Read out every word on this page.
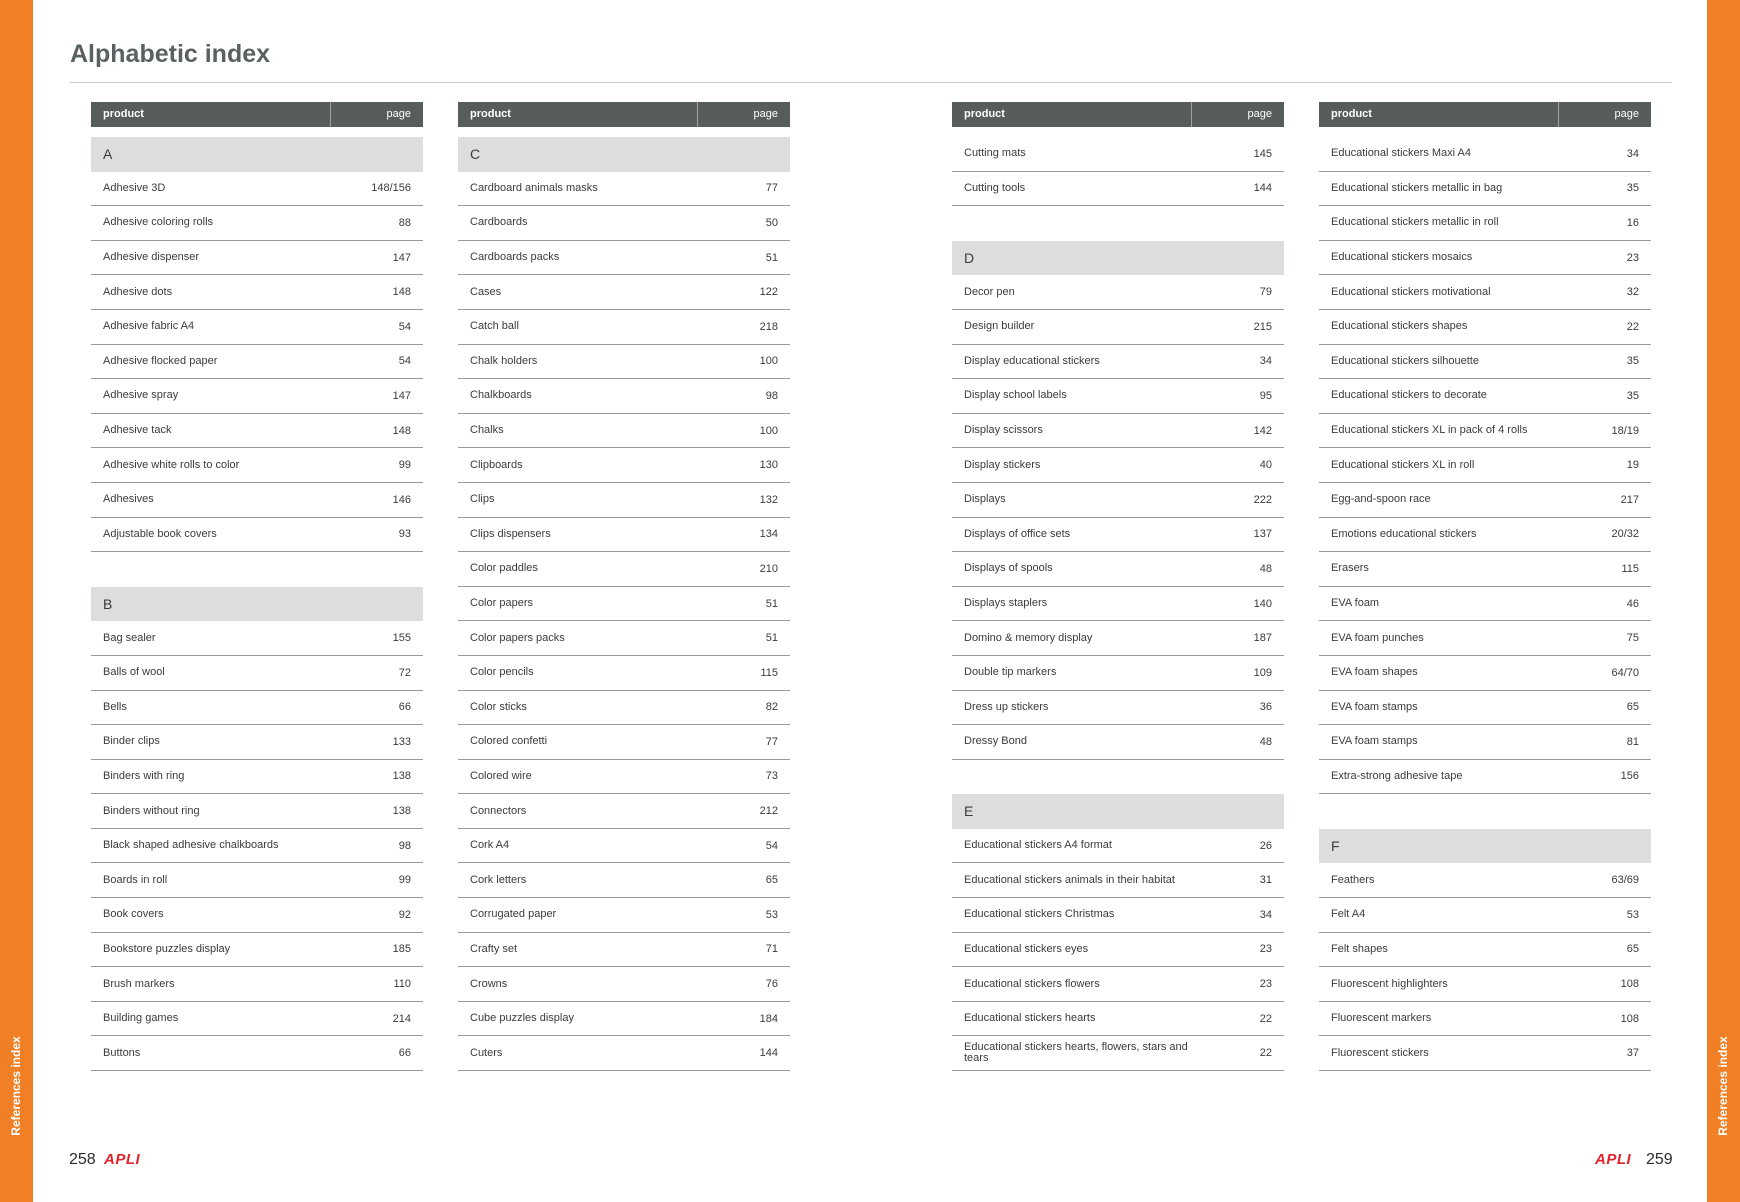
References index	References index
Alphabetic index
product	page
A
Adhesive 3D	148/156
Adhesive coloring rolls	88
Adhesive dispenser	147
Adhesive dots	148
Adhesive fabric A4	54
Adhesive flocked paper	54
Adhesive spray	147
Adhesive tack	148
Adhesive white rolls to color	99
Adhesives	146
Adjustable book covers	93
B
Bag sealer	155
Balls of wool	72
Bells	66
Binder clips	133
Binders with ring	138
Binders without ring	138
Black shaped adhesive chalkboards	98
Boards in roll	99
Book covers	92
Bookstore puzzles display	185
Brush markers	110
Building games	214
Buttons	66
product	page
C
Cardboard animals masks	77
Cardboards	50
Cardboards packs	51
Cases	122
Catch ball	218
Chalk holders	100
Chalkboards	98
Chalks	100
Clipboards	130
Clips	132
Clips dispensers	134
Color paddles	210
Color papers	51
Color papers packs	51
Color pencils	115
Color sticks	82
Colored confetti	77
Colored wire	73
Connectors	212
Cork A4	54
Cork letters	65
Corrugated paper	53
Crafty set	71
Crowns	76
Cube puzzles display	184
Cuters	144
product	page
Cutting mats	145
Cutting tools	144
D
Decor pen	79
Design builder	215
Display educational stickers	34
Display school labels	95
Display scissors	142
Display stickers	40
Displays	222
Displays of office sets	137
Displays of spools	48
Displays staplers	140
Domino & memory display	187
Double tip markers	109
Dress up stickers	36
Dressy Bond	48
E
Educational stickers A4 format	26
Educational stickers animals in their habitat	31
Educational stickers Christmas	34
Educational stickers eyes	23
Educational stickers flowers	23
Educational stickers hearts	22
Educational stickers hearts, flowers, stars and tears	22
product	page
Educational stickers Maxi A4	34
Educational stickers metallic in bag	35
Educational stickers metallic in roll	16
Educational stickers mosaics	23
Educational stickers motivational	32
Educational stickers shapes	22
Educational stickers silhouette	35
Educational stickers to decorate	35
Educational stickers XL in pack of 4 rolls	18/19
Educational stickers XL in roll	19
Egg-and-spoon race	217
Emotions educational stickers	20/32
Erasers	115
EVA foam	46
EVA foam punches	75
EVA foam shapes	64/70
EVA foam stamps	65
EVA foam stamps	81
Extra-strong adhesive tape	156
F
Feathers	63/69
Felt A4	53
Felt shapes	65
Fluorescent highlighters	108
Fluorescent markers	108
Fluorescent stickers	37
258 APLI	APLI 259
